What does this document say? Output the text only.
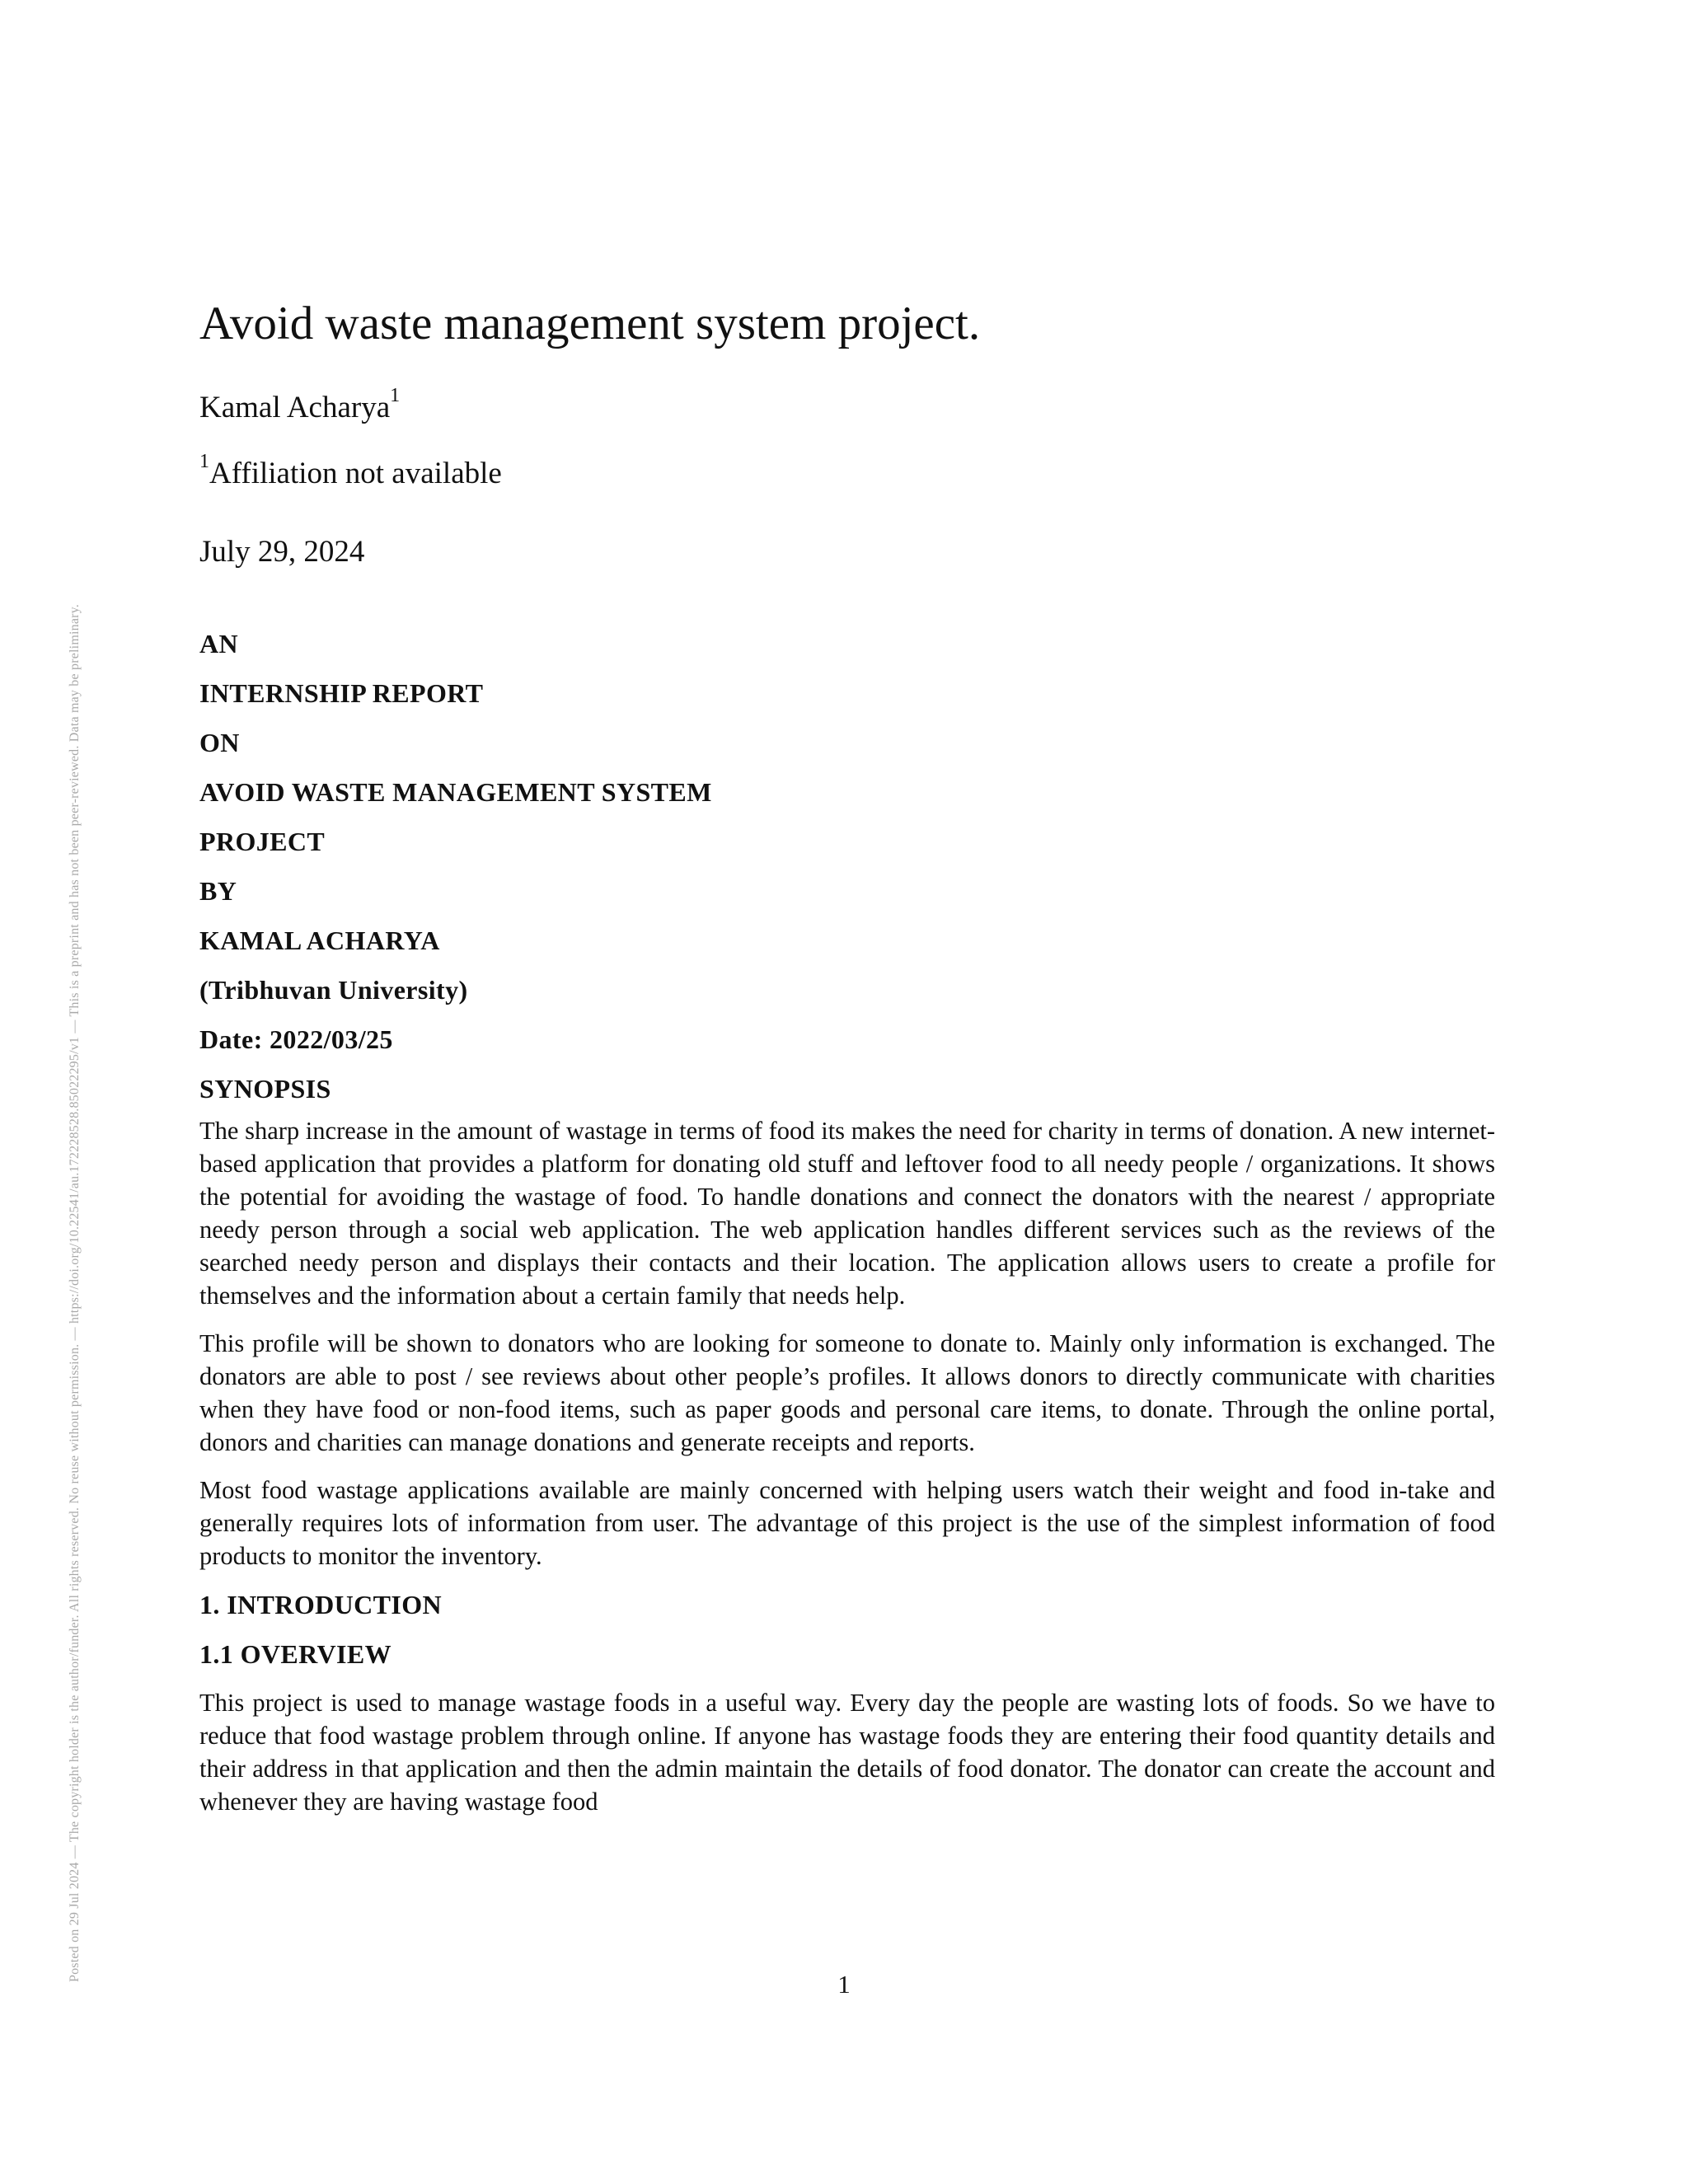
Posted on 29 Jul 2024 — The copyright holder is the author/funder. All rights reserved. No reuse without permission. — https://doi.org/10.22541/au.172228528.85022295/v1 — This is a preprint and has not been peer-reviewed. Data may be preliminary.
Avoid waste management system project.
Kamal Acharya$^1$
$^1$Affiliation not available
July 29, 2024
AN
INTERNSHIP REPORT
ON
AVOID WASTE MANAGEMENT SYSTEM
PROJECT
BY
KAMAL ACHARYA
(Tribhuvan University)
Date: 2022/03/25
SYNOPSIS

The sharp increase in the amount of wastage in terms of food its makes the need for charity in terms of donation. A new internet-based application that provides a platform for donating old stuff and leftover food to all needy people / organizations. It shows the potential for avoiding the wastage of food. To handle donations and connect the donators with the nearest / appropriate needy person through a social web application. The web application handles different services such as the reviews of the searched needy person and displays their contacts and their location. The application allows users to create a profile for themselves and the information about a certain family that needs help.

This profile will be shown to donators who are looking for someone to donate to. Mainly only information is exchanged. The donators are able to post / see reviews about other people’s profiles. It allows donors to directly communicate with charities when they have food or non-food items, such as paper goods and personal care items, to donate. Through the online portal, donors and charities can manage donations and generate receipts and reports.

Most food wastage applications available are mainly concerned with helping users watch their weight and food in-take and generally requires lots of information from user. The advantage of this project is the use of the simplest information of food products to monitor the inventory.

1. INTRODUCTION
1.1 OVERVIEW

This project is used to manage wastage foods in a useful way. Every day the people are wasting lots of foods. So we have to reduce that food wastage problem through online. If anyone has wastage foods they are entering their food quantity details and their address in that application and then the admin maintain the details of food donator. The donator can create the account and whenever they are having wastage food

1
